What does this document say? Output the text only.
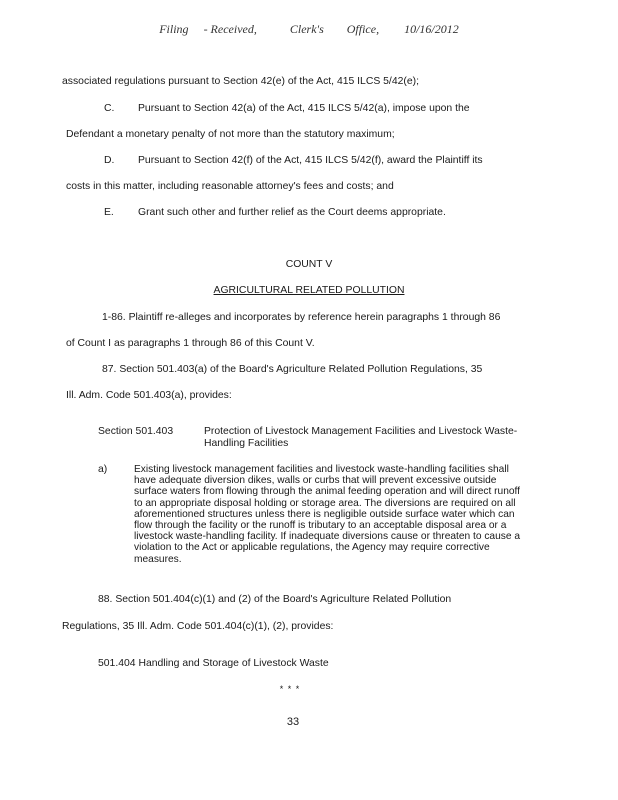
Filing - Received,	Clerk's Office, 10/16/2012
associated regulations pursuant to Section 42(e) of the Act, 415 ILCS 5/42(e);
C. Pursuant to Section 42(a) of the Act, 415 ILCS 5/42(a), impose upon the
Defendant a monetary penalty of not more than the statutory maximum;
D. Pursuant to Section 42(f) of the Act, 415 ILCS 5/42(f), award the Plaintiff its
costs in this matter, including reasonable attorney's fees and costs; and
E. Grant such other and further relief as the Court deems appropriate.
COUNT V
AGRICULTURAL RELATED POLLUTION
1-86. Plaintiff re-alleges and incorporates by reference herein paragraphs 1 through 86
of Count I as paragraphs 1 through 86 of this Count V.
87. Section 501.403(a) of the Board's Agriculture Related Pollution Regulations, 35
Ill. Adm. Code 501.403(a), provides:
Section 501.403	Protection of Livestock Management Facilities and Livestock Waste-Handling Facilities
a)	Existing livestock management facilities and livestock waste-handling facilities shall have adequate diversion dikes, walls or curbs that will prevent excessive outside surface waters from flowing through the animal feeding operation and will direct runoff to an appropriate disposal holding or storage area. The diversions are required on all aforementioned structures unless there is negligible outside surface water which can flow through the facility or the runoff is tributary to an acceptable disposal area or a livestock waste-handling facility. If inadequate diversions cause or threaten to cause a violation to the Act or applicable regulations, the Agency may require corrective measures.
88. Section 501.404(c)(1) and (2) of the Board's Agriculture Related Pollution
Regulations, 35 Ill. Adm. Code 501.404(c)(1), (2), provides:
501.404 Handling and Storage of Livestock Waste
* * *
33
